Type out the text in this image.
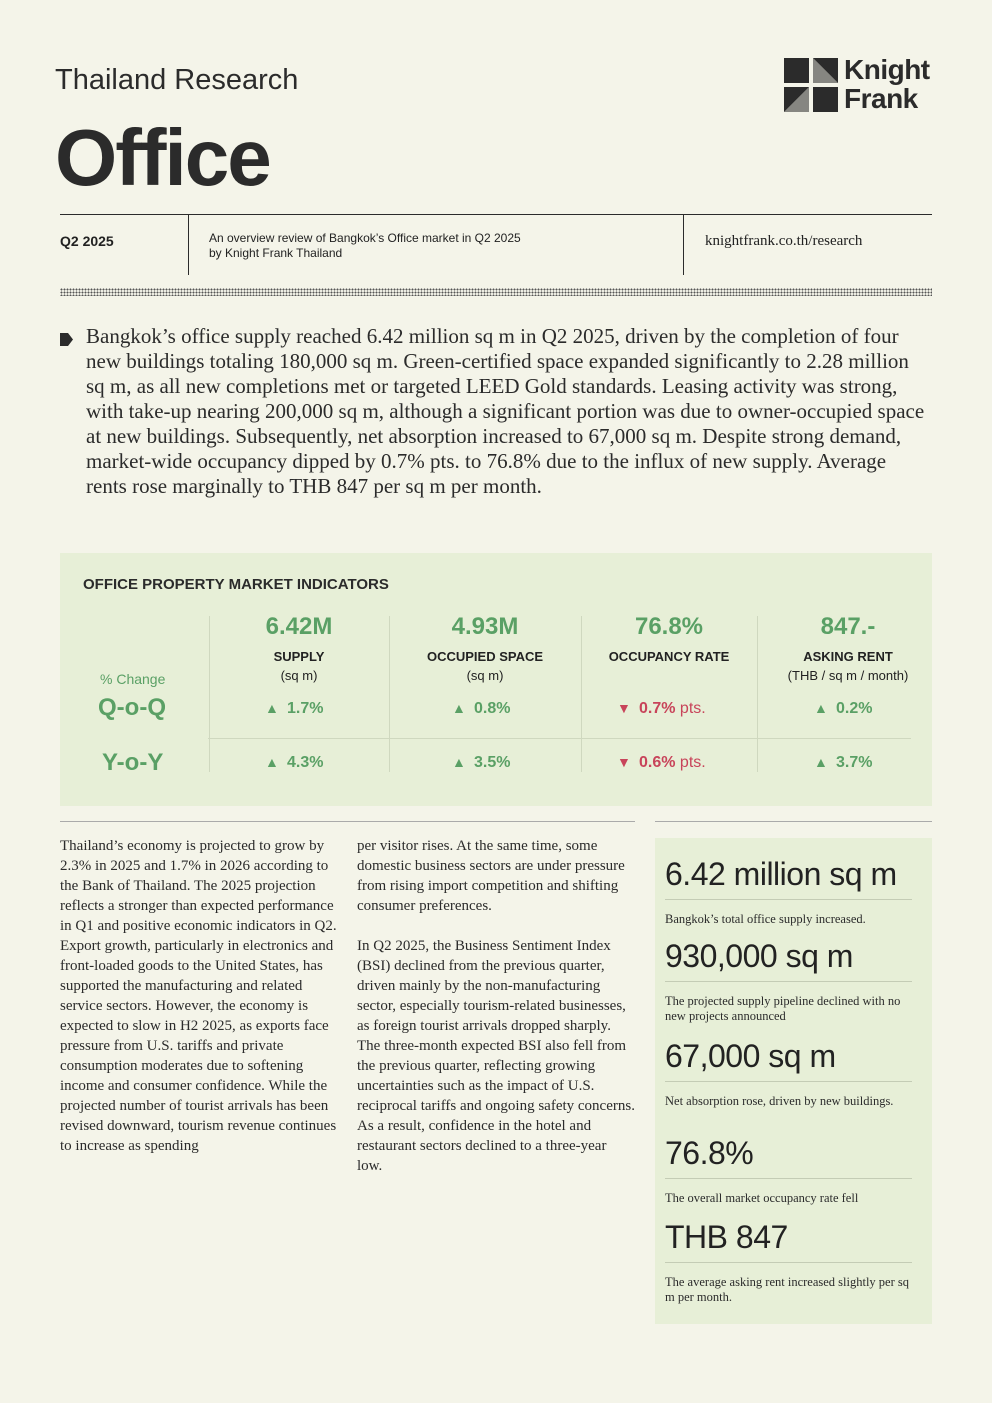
Thailand Research
Office
Knight
Frank
Q2 2025	An overview review of Bangkok’s Office market in Q2 2025
by Knight Frank Thailand
knightfrank.co.th/research
Bangkok’s office supply reached 6.42 million sq m in Q2 2025, driven by the completion of four new buildings totaling 180,000 sq m. Green-certified space expanded significantly to 2.28 million sq m, as all new completions met or targeted LEED Gold standards. Leasing activity was strong, with take-up nearing 200,000 sq m, although a significant portion was due to owner-occupied space at new buildings. Subsequently, net absorption increased to 67,000 sq m. Despite strong demand, market-wide occupancy dipped by 0.7% pts. to 76.8% due to the influx of new supply. Average rents rose marginally to THB 847 per sq m per month.
OFFICE PROPERTY MARKET INDICATORS
% Change
Q-o-Q
Y-o-Y
6.42M
SUPPLY
(sq m)
▲ 1.7%
▲ 4.3%
4.93M
OCCUPIED SPACE
(sq m)
▲ 0.8%
▲ 3.5%
76.8%
OCCUPANCY RATE
▼ 0.7% pts.
▼ 0.6% pts.
847.-
ASKING RENT
(THB / sq m / month)
▲ 0.2%
▲ 3.7%

Thailand’s economy is projected to grow by 2.3% in 2025 and 1.7% in 2026 according to the Bank of Thailand. The 2025 projection reflects a stronger than expected performance in Q1 and positive economic indicators in Q2. Export growth, particularly in electronics and front-loaded goods to the United States, has supported the manufacturing and related service sectors. However, the economy is expected to slow in H2 2025, as exports face pressure from U.S. tariffs and private consumption moderates due to softening income and consumer confidence. While the projected number of tourist arrivals has been revised downward, tourism revenue continues to increase as spending

per visitor rises. At the same time, some domestic business sectors are under pressure from rising import competition and shifting consumer preferences.

In Q2 2025, the Business Sentiment Index (BSI) declined from the previous quarter, driven mainly by the non-manufacturing sector, especially tourism-related businesses, as foreign tourist arrivals dropped sharply. The three-month expected BSI also fell from the previous quarter, reflecting growing uncertainties such as the impact of U.S. reciprocal tariffs and ongoing safety concerns. As a result, confidence in the hotel and restaurant sectors declined to a three-year low.

6.42 million sq m
Bangkok’s total office supply increased.
930,000 sq m
The projected supply pipeline declined with no new projects announced
67,000 sq m
Net absorption rose, driven by new buildings.
76.8%
The overall market occupancy rate fell
THB 847
The average asking rent increased slightly per sq m per month.
